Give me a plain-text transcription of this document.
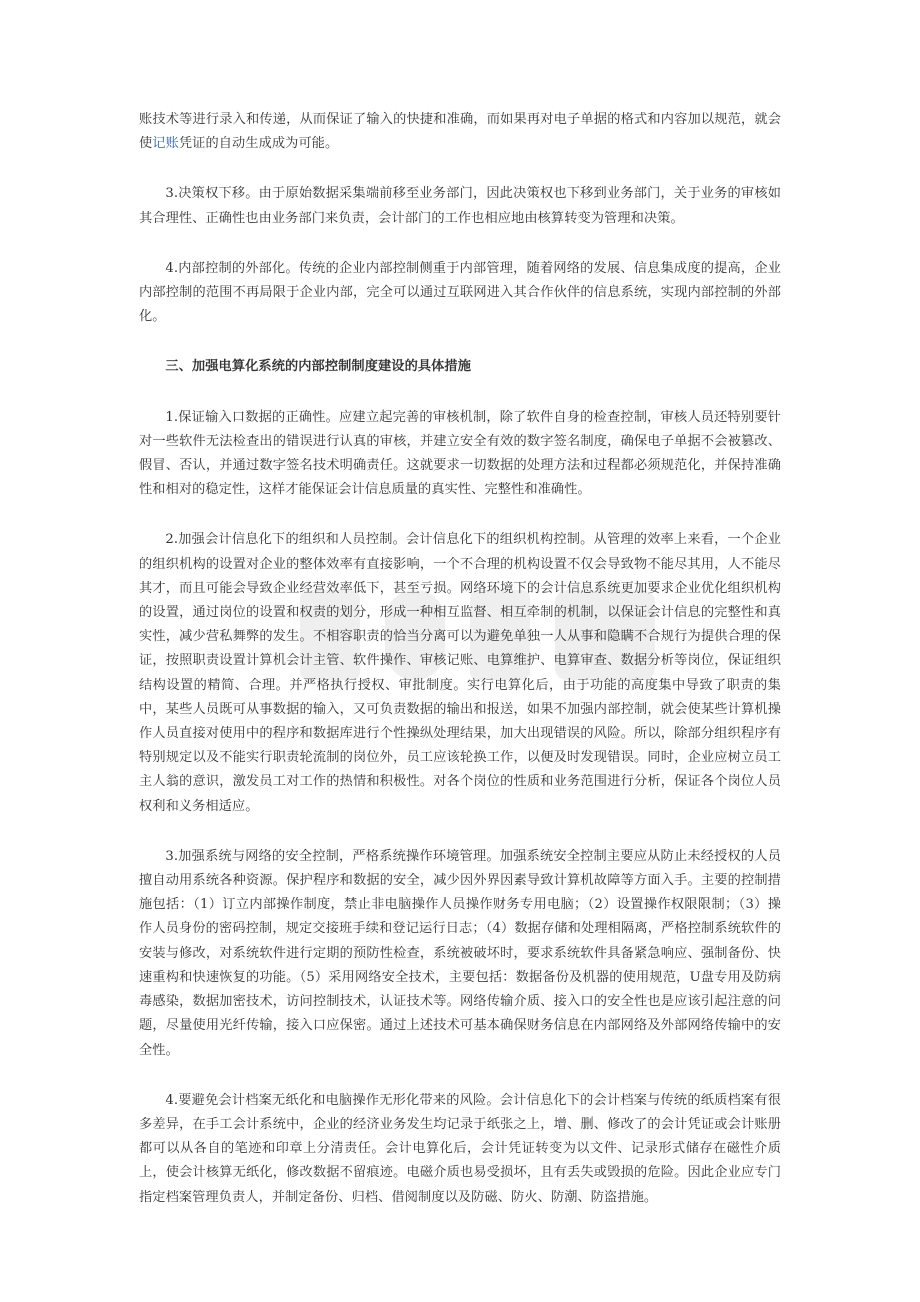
账技术等进行录入和传递，从而保证了输入的快捷和准确，而如果再对电子单据的格式和内容加以规范，就会使记账凭证的自动生成成为可能。

3.决策权下移。由于原始数据采集端前移至业务部门，因此决策权也下移到业务部门，关于业务的审核如其合理性、正确性也由业务部门来负责，会计部门的工作也相应地由核算转变为管理和决策。

4.内部控制的外部化。传统的企业内部控制侧重于内部管理，随着网络的发展、信息集成度的提高，企业内部控制的范围不再局限于企业内部，完全可以通过互联网进入其合作伙伴的信息系统，实现内部控制的外部化。

三、加强电算化系统的内部控制制度建设的具体措施

1.保证输入口数据的正确性。应建立起完善的审核机制，除了软件自身的检查控制，审核人员还特别要针对一些软件无法检查出的错误进行认真的审核，并建立安全有效的数字签名制度，确保电子单据不会被篡改、假冒、否认，并通过数字签名技术明确责任。这就要求一切数据的处理方法和过程都必须规范化，并保持准确性和相对的稳定性，这样才能保证会计信息质量的真实性、完整性和准确性。

2.加强会计信息化下的组织和人员控制。会计信息化下的组织机构控制。从管理的效率上来看，一个企业的组织机构的设置对企业的整体效率有直接影响，一个不合理的机构设置不仅会导致物不能尽其用，人不能尽其才，而且可能会导致企业经营效率低下，甚至亏损。网络环境下的会计信息系统更加要求企业优化组织机构的设置，通过岗位的设置和权责的划分，形成一种相互监督、相互牵制的机制，以保证会计信息的完整性和真实性，减少营私舞弊的发生。不相容职责的恰当分离可以为避免单独一人从事和隐瞒不合规行为提供合理的保证，按照职责设置计算机会计主管、软件操作、审核记账、电算维护、电算审查、数据分析等岗位，保证组织结构设置的精简、合理。并严格执行授权、审批制度。实行电算化后，由于功能的高度集中导致了职责的集中，某些人员既可从事数据的输入，又可负责数据的输出和报送，如果不加强内部控制，就会使某些计算机操作人员直接对使用中的程序和数据库进行个性操纵处理结果，加大出现错误的风险。所以，除部分组织程序有特别规定以及不能实行职责轮流制的岗位外，员工应该轮换工作，以便及时发现错误。同时，企业应树立员工主人翁的意识，激发员工对工作的热情和积极性。对各个岗位的性质和业务范围进行分析，保证各个岗位人员权利和义务相适应。

3.加强系统与网络的安全控制，严格系统操作环境管理。加强系统安全控制主要应从防止未经授权的人员擅自动用系统各种资源。保护程序和数据的安全，减少因外界因素导致计算机故障等方面入手。主要的控制措施包括：（1）订立内部操作制度，禁止非电脑操作人员操作财务专用电脑；（2）设置操作权限限制；（3）操作人员身份的密码控制，规定交接班手续和登记运行日志；（4）数据存储和处理相隔离，严格控制系统软件的安装与修改，对系统软件进行定期的预防性检查，系统被破坏时，要求系统软件具备紧急响应、强制备份、快速重构和快速恢复的功能。（5）采用网络安全技术，主要包括：数据备份及机器的使用规范，U盘专用及防病毒感染，数据加密技术，访问控制技术，认证技术等。网络传输介质、接入口的安全性也是应该引起注意的问题，尽量使用光纤传输，接入口应保密。通过上述技术可基本确保财务信息在内部网络及外部网络传输中的安全性。

4.要避免会计档案无纸化和电脑操作无形化带来的风险。会计信息化下的会计档案与传统的纸质档案有很多差异，在手工会计系统中，企业的经济业务发生均记录于纸张之上，增、删、修改了的会计凭证或会计账册都可以从各自的笔迹和印章上分清责任。会计电算化后，会计凭证转变为以文件、记录形式储存在磁性介质上，使会计核算无纸化，修改数据不留痕迹。电磁介质也易受损坏，且有丢失或毁损的危险。因此企业应专门指定档案管理负责人，并制定备份、归档、借阅制度以及防磁、防火、防潮、防盗措施。
